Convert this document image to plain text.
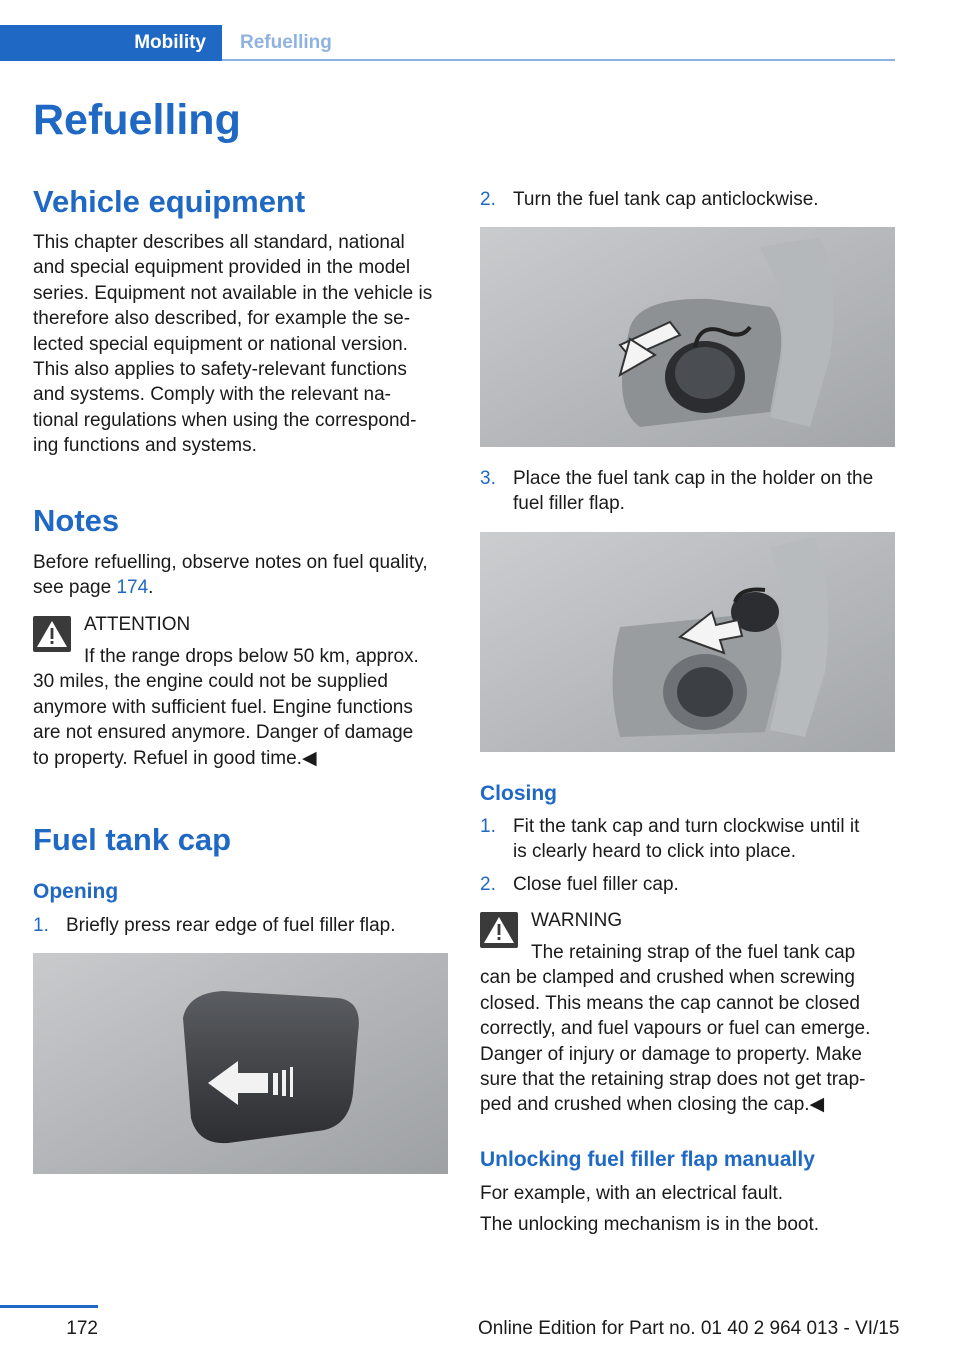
Mobility	Refuelling
Refuelling
Vehicle equipment
This chapter describes all standard, national
and special equipment provided in the model
series. Equipment not available in the vehicle is
therefore also described, for example the se‐
lected special equipment or national version.
This also applies to safety-relevant functions
and systems. Comply with the relevant na‐
tional regulations when using the correspond‐
ing functions and systems.
Notes
Before refuelling, observe notes on fuel quality,
see page 174.
ATTENTION
If the range drops below 50 km, approx.
30 miles, the engine could not be supplied
anymore with sufficient fuel. Engine functions
are not ensured anymore. Danger of damage
to property. Refuel in good time.◀
Fuel tank cap
Opening
1. Briefly press rear edge of fuel filler flap.
2. Turn the fuel tank cap anticlockwise.
3. Place the fuel tank cap in the holder on the
fuel filler flap.
Closing
1. Fit the tank cap and turn clockwise until it
is clearly heard to click into place.
2. Close fuel filler cap.
WARNING
The retaining strap of the fuel tank cap
can be clamped and crushed when screwing
closed. This means the cap cannot be closed
correctly, and fuel vapours or fuel can emerge.
Danger of injury or damage to property. Make
sure that the retaining strap does not get trap‐
ped and crushed when closing the cap.◀
Unlocking fuel filler flap manually
For example, with an electrical fault.
The unlocking mechanism is in the boot.
172	Online Edition for Part no. 01 40 2 964 013 - VI/15
